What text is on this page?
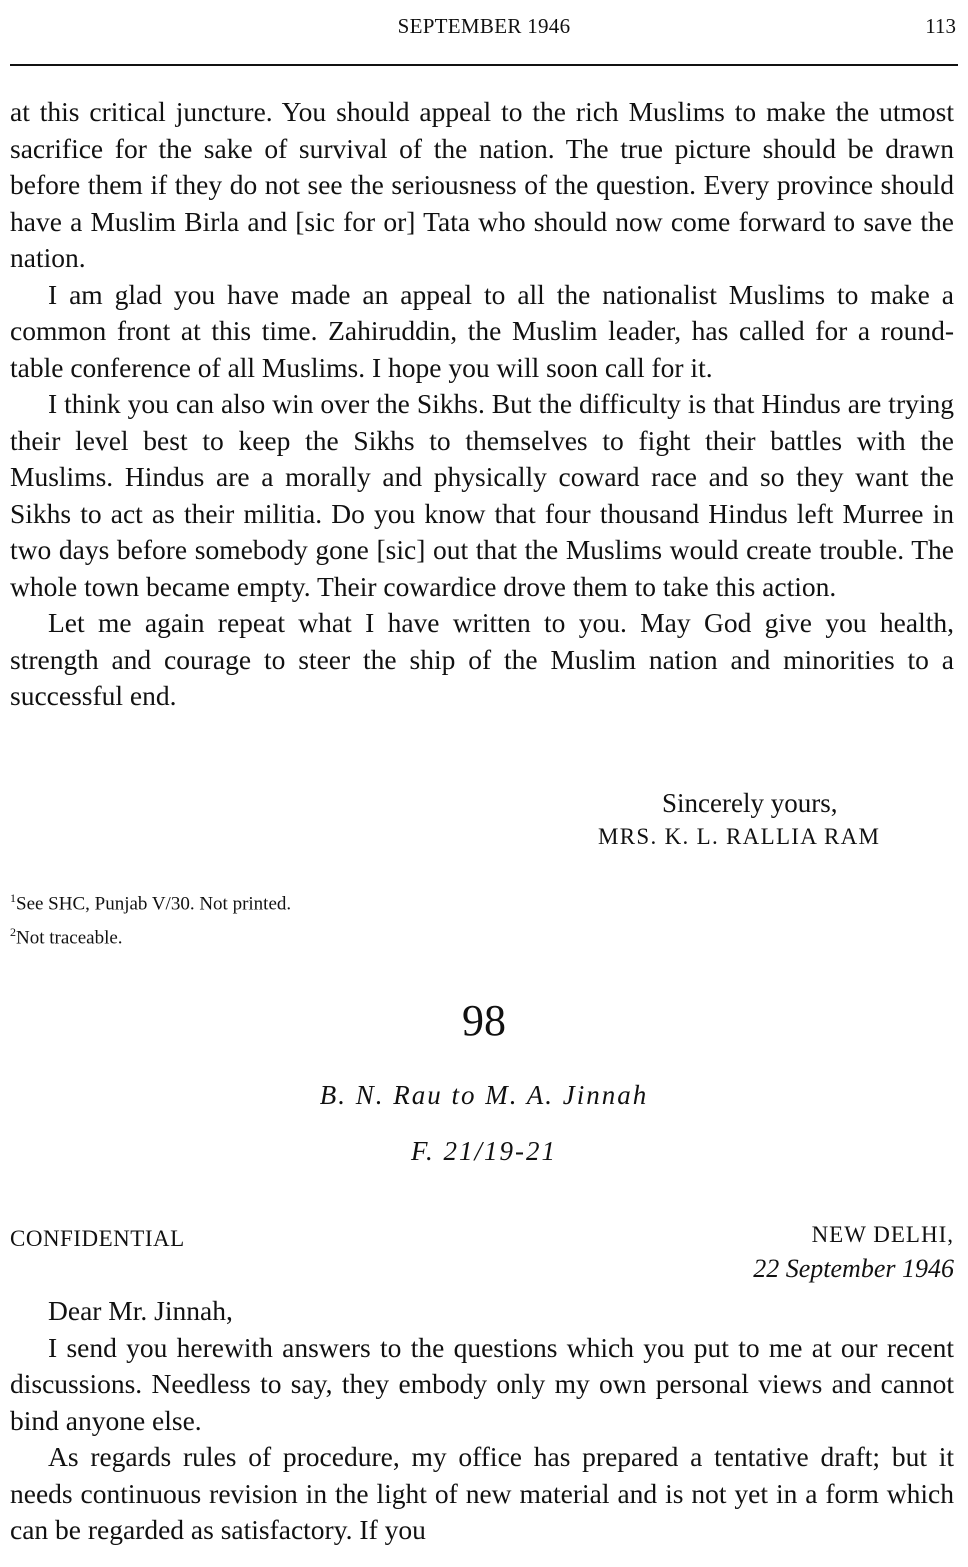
SEPTEMBER 1946	113

at this critical juncture. You should appeal to the rich Muslims to make the utmost sacrifice for the sake of survival of the nation. The true picture should be drawn before them if they do not see the seriousness of the question. Every province should have a Muslim Birla and [sic for or] Tata who should now come forward to save the nation.

I am glad you have made an appeal to all the nationalist Muslims to make a common front at this time. Zahiruddin, the Muslim leader, has called for a round-table conference of all Muslims. I hope you will soon call for it.

I think you can also win over the Sikhs. But the difficulty is that Hindus are trying their level best to keep the Sikhs to themselves to fight their battles with the Muslims. Hindus are a morally and physically coward race and so they want the Sikhs to act as their militia. Do you know that four thousand Hindus left Murree in two days before somebody gone [sic] out that the Muslims would create trouble. The whole town became empty. Their cowardice drove them to take this action.

Let me again repeat what I have written to you. May God give you health, strength and courage to steer the ship of the Muslim nation and minorities to a successful end.

Sincerely yours,
MRS. K. L. RALLIA RAM
$^1$See SHC, Punjab V/30. Not printed.
$^2$Not traceable.
98
B. N. Rau to M. A. Jinnah
F. 21/19-21
CONFIDENTIAL	NEW DELHI,
22 September 1946

Dear Mr. Jinnah,

I send you herewith answers to the questions which you put to me at our recent discussions. Needless to say, they embody only my own personal views and cannot bind anyone else.

As regards rules of procedure, my office has prepared a tentative draft; but it needs continuous revision in the light of new material and is not yet in a form which can be regarded as satisfactory. If you
